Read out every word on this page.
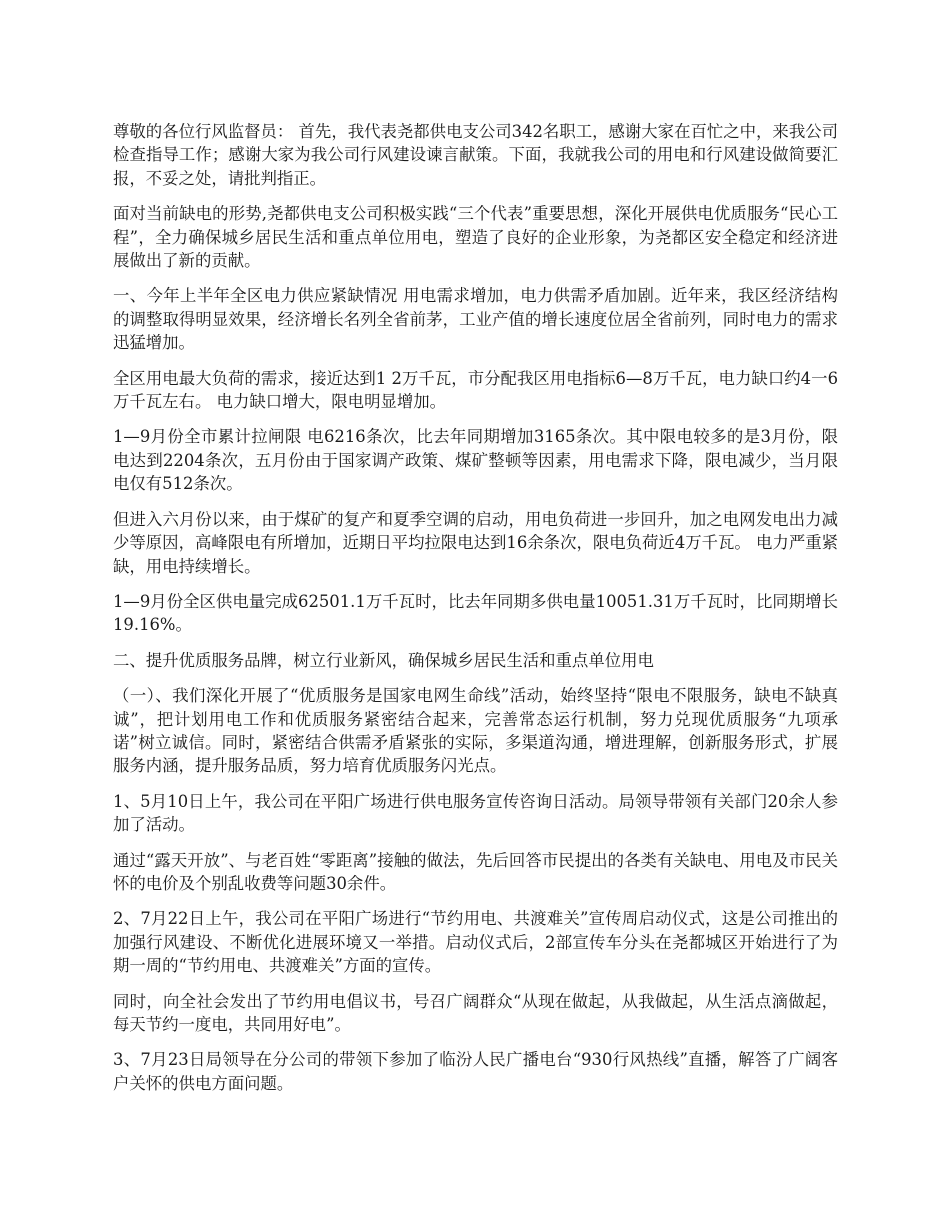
尊敬的各位行风监督员： 首先，我代表尧都供电支公司342名职工，感谢大家在百忙之中，来我公司检查指导工作；感谢大家为我公司行风建设谏言献策。下面，我就我公司的用电和行风建设做简要汇报，不妥之处，请批判指正。

面对当前缺电的形势,尧都供电支公司积极实践“三个代表”重要思想，深化开展供电优质服务“民心工程”，全力确保城乡居民生活和重点单位用电，塑造了良好的企业形象，为尧都区安全稳定和经济进展做出了新的贡献。

一、今年上半年全区电力供应紧缺情况 用电需求增加，电力供需矛盾加剧。近年来，我区经济结构的调整取得明显效果，经济增长名列全省前茅，工业产值的增长速度位居全省前列，同时电力的需求迅猛增加。

全区用电最大负荷的需求，接近达到1 2万千瓦，市分配我区用电指标6—8万千瓦，电力缺口约4一6万千瓦左右。 电力缺口增大，限电明显增加。

1—9月份全市累计拉闸限 电6216条次，比去年同期增加3165条次。其中限电较多的是3月份，限电达到2204条次，五月份由于国家调产政策、煤矿整顿等因素，用电需求下降，限电减少，当月限电仅有512条次。

但进入六月份以来，由于煤矿的复产和夏季空调的启动，用电负荷进一步回升，加之电网发电出力减少等原因，高峰限电有所增加，近期日平均拉限电达到16余条次，限电负荷近4万千瓦。 电力严重紧缺，用电持续增长。

1—9月份全区供电量完成62501.1万千瓦时，比去年同期多供电量10051.31万千瓦时，比同期增长19.16%。

二、提升优质服务品牌，树立行业新风，确保城乡居民生活和重点单位用电

（一）、我们深化开展了“优质服务是国家电网生命线”活动，始终坚持“限电不限服务，缺电不缺真诚”，把计划用电工作和优质服务紧密结合起来，完善常态运行机制，努力兑现优质服务“九项承诺”树立诚信。同时，紧密结合供需矛盾紧张的实际，多渠道沟通，增进理解，创新服务形式，扩展服务内涵，提升服务品质，努力培育优质服务闪光点。

1、5月10日上午，我公司在平阳广场进行供电服务宣传咨询日活动。局领导带领有关部门20余人参加了活动。

通过“露天开放”、与老百姓“零距离”接触的做法，先后回答市民提出的各类有关缺电、用电及市民关怀的电价及个别乱收费等问题30余件。

2、7月22日上午，我公司在平阳广场进行“节约用电、共渡难关”宣传周启动仪式，这是公司推出的加强行风建设、不断优化进展环境又一举措。启动仪式后，2部宣传车分头在尧都城区开始进行了为期一周的“节约用电、共渡难关”方面的宣传。

同时，向全社会发出了节约用电倡议书，号召广阔群众“从现在做起，从我做起，从生活点滴做起，每天节约一度电，共同用好电”。

3、7月23日局领导在分公司的带领下参加了临汾人民广播电台“930行风热线”直播，解答了广阔客户关怀的供电方面问题。
